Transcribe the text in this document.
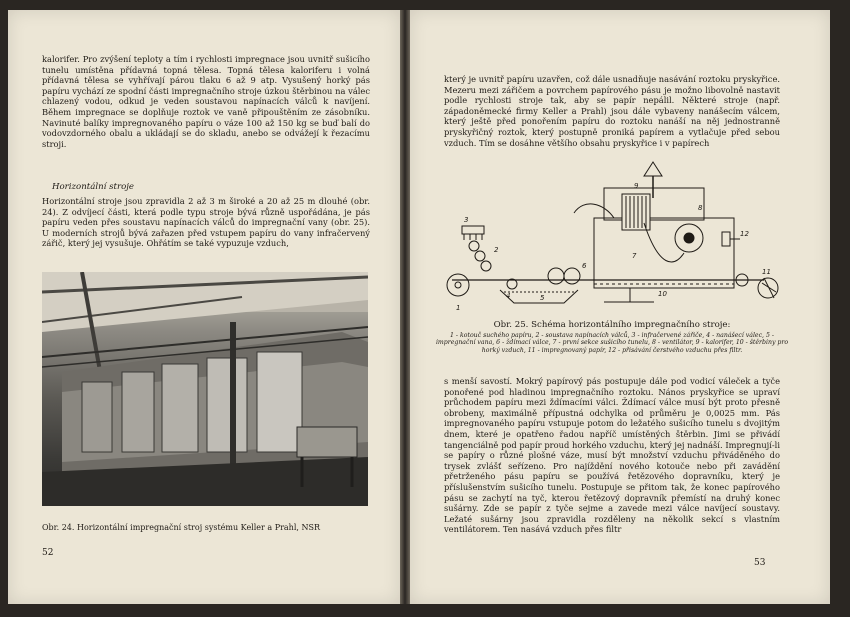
kalorifer. Pro zvýšení teploty a tím i rychlosti impregnace jsou uvnitř sušicího tunelu umístěna přídavná topná tělesa. Topná tělesa kaloriferu i volná přídavná tělesa se vyhřívají párou tlaku 6 až 9 atp. Vysušený horký pás papíru vychází ze spodní části impregnačního stroje úzkou štěrbinou na válec chlazený vodou, odkud je veden soustavou napínacích válců k navíjení. Během impregnace se doplňuje roztok ve vaně připouštěním ze zásobníku. Navinuté balíky impregnovaného papíru o váze 100 až 150 kg se buď balí do vodovzdorného obalu a ukládají se do skladu, anebo se odvážejí k řezacímu stroji.

Horizontální stroje

Horizontální stroje jsou zpravidla 2 až 3 m široké a 20 až 25 m dlouhé (obr. 24). Z odvíjecí části, která podle typu stroje bývá různě uspořádána, je pás papíru veden přes soustavu napínacích válců do impregnační vany (obr. 25). U moderních strojů bývá zařazen před vstupem papíru do vany infračervený zářič, který jej vysušuje. Ohřátím se také vypuzuje vzduch,

Obr. 24. Horizontální impregnační stroj systému Keller a Prahl, NSR

52

který je uvnitř papíru uzavřen, což dále usnadňuje nasávání roztoku pryskyřice. Mezeru mezi zářičem a povrchem papírového pásu je možno libovolně nastavit podle rychlosti stroje tak, aby se papír nepálil. Některé stroje (např. západoněmecké firmy Keller a Prahl) jsou dále vybaveny nanášecím válcem, který ještě před ponořením papíru do roztoku nanáší na něj jednostranně pryskyřičný roztok, který postupně proniká papírem a vytlačuje před sebou vzduch. Tím se dosáhne většího obsahu pryskyřice i v papírech

1
2
3
4	5
6
7
8
9
10
11
12

Obr. 25. Schéma horizontálního impregnačního stroje:

1 - kotouč suchého papíru, 2 - soustava napínacích válců, 3 - infračervené zářiče, 4 - nanášecí válec, 5 - impregnační vana, 6 - ždímací válce, 7 - první sekce sušicího tunelu, 8 - ventilátor, 9 - kalorifer, 10 - štěrbiny pro horký vzduch, 11 - impregnovaný papír, 12 - přisávání čerstvého vzduchu přes filtr.

s menší savostí. Mokrý papírový pás postupuje dále pod vodicí váleček a tyče ponořené pod hladinou impregnačního roztoku. Nános pryskyřice se upraví průchodem papíru mezi ždímacími válci. Ždímací válce musí být proto přesně obrobeny, maximálně přípustná odchylka od průměru je 0,0025 mm. Pás impregnovaného papíru vstupuje potom do ležatého sušicího tunelu s dvojitým dnem, které je opatřeno řadou napříč umístěných štěrbin. Jimi se přivádí tangenciálně pod papír proud horkého vzduchu, který jej nadnáší. Impregnují-li se papíry o různé plošné váze, musí být množství vzduchu přiváděného do trysek zvlášť seřízeno. Pro najíždění nového kotouče nebo při zavádění přetrženého pásu papíru se používá řetězového dopravníku, který je příslušenstvím sušicího tunelu. Postupuje se přitom tak, že konec papírového pásu se zachytí na tyč, kterou řetězový dopravník přemístí na druhý konec sušárny. Zde se papír z tyče sejme a zavede mezi válce navíjecí soustavy. Ležaté sušárny jsou zpravidla rozděleny na několik sekcí s vlastním ventilátorem. Ten nasává vzduch přes filtr

53
